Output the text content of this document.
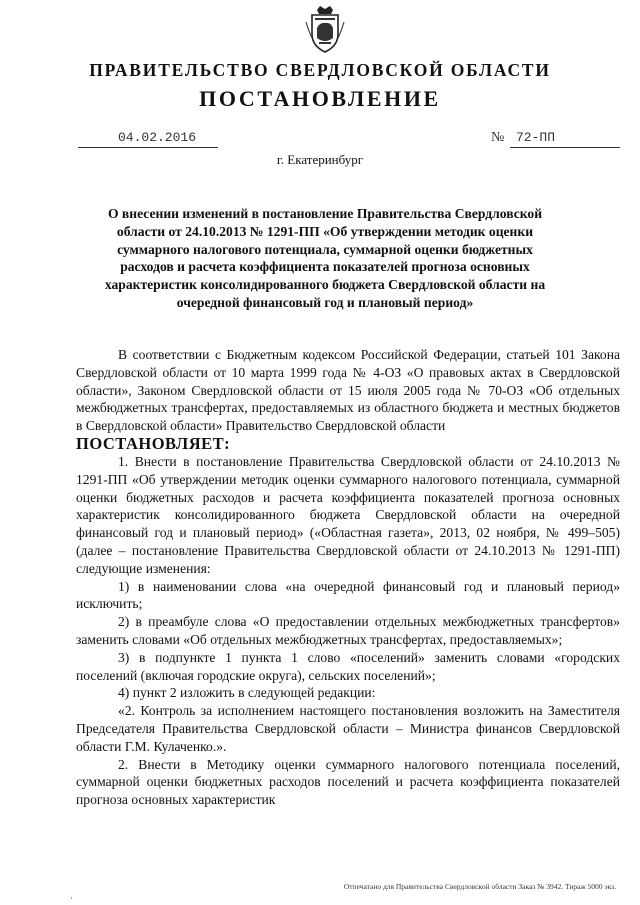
ПРАВИТЕЛЬСТВО СВЕРДЛОВСКОЙ ОБЛАСТИ
ПОСТАНОВЛЕНИЕ
04.02.2016	№ 72-ПП
г. Екатеринбург
О внесении изменений в постановление Правительства Свердловской области от 24.10.2013 № 1291-ПП «Об утверждении методик оценки суммарного налогового потенциала, суммарной оценки бюджетных расходов и расчета коэффициента показателей прогноза основных характеристик консолидированного бюджета Свердловской области на очередной финансовый год и плановый период»

В соответствии с Бюджетным кодексом Российской Федерации, статьей 101 Закона Свердловской области от 10 марта 1999 года № 4-ОЗ «О правовых актах в Свердловской области», Законом Свердловской области от 15 июля 2005 года № 70-ОЗ «Об отдельных межбюджетных трансфертах, предоставляемых из областного бюджета и местных бюджетов в Свердловской области» Правительство Свердловской области

ПОСТАНОВЛЯЕТ:

1. Внести в постановление Правительства Свердловской области от 24.10.2013 № 1291-ПП «Об утверждении методик оценки суммарного налогового потенциала, суммарной оценки бюджетных расходов и расчета коэффициента показателей прогноза основных характеристик консолидированного бюджета Свердловской области на очередной финансовый год и плановый период» («Областная газета», 2013, 02 ноября, № 499–505) (далее – постановление Правительства Свердловской области от 24.10.2013 № 1291-ПП) следующие изменения:

1) в наименовании слова «на очередной финансовый год и плановый период» исключить;

2) в преамбуле слова «О предоставлении отдельных межбюджетных трансфертов» заменить словами «Об отдельных межбюджетных трансфертах, предоставляемых»;

3) в подпункте 1 пункта 1 слово «поселений» заменить словами «городских поселений (включая городские округа), сельских поселений»;

4) пункт 2 изложить в следующей редакции:

«2. Контроль за исполнением настоящего постановления возложить на Заместителя Председателя Правительства Свердловской области – Министра финансов Свердловской области Г.М. Кулаченко.».

2. Внести в Методику оценки суммарного налогового потенциала поселений, суммарной оценки бюджетных расходов поселений и расчета коэффициента показателей прогноза основных характеристик

Отпечатано для Правительства Свердловской области Заказ № 3942. Тираж 5000 экз.
·
